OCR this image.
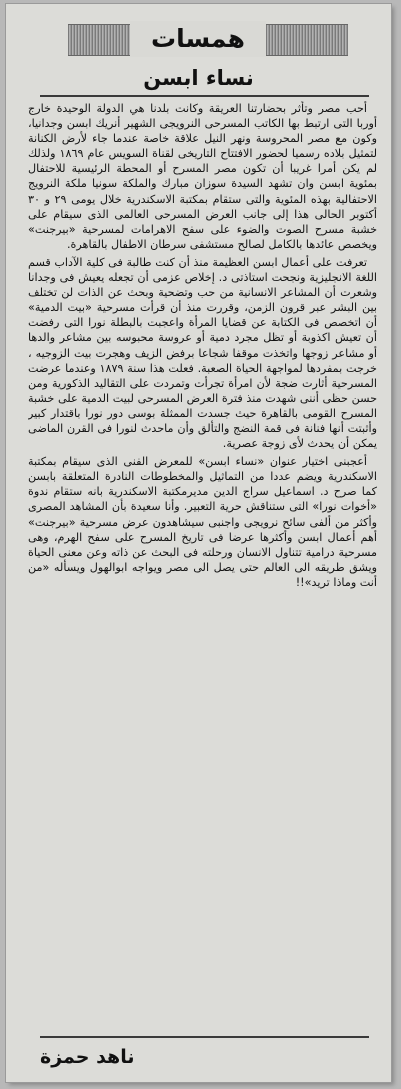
همسات
نساء ابسن

أحب مصر وتأثر بحضارتنا العريقة وكانت بلدنا هي الدولة الوحيدة خارج أوربا التى ارتبط بها الكاتب المسرحى النرويجى الشهير أنريك ابسن وجدانيا، وكون مع مصر المحروسة ونهر النيل علاقة خاصة عندما جاء لأرض الكنانة لتمثيل بلاده رسميا لحضور الافتتاح التاريخى لقناة السويس عام ١٨٦٩ ولذلك لم يكن أمرا غريبا أن تكون مصر المسرح أو المحطة الرئيسية للاحتفال بمئوية ابسن وان تشهد السيدة سوزان مبارك والملكة سونيا ملكة النرويج الاحتفالية بهذه المئوية والتى ستقام بمكتبة الاسكندرية خلال يومى ٢٩ و ٣٠ أكتوبر الحالى هذا إلى جانب العرض المسرحى العالمى الذى سيقام على خشبة مسرح الصوت والضوء على سفح الاهرامات لمسرحية «بيرجنت» ويخصص عائدها بالكامل لصالح مستشفى سرطان الاطفال بالقاهرة.

تعرفت على أعمال ابسن العظيمة منذ أن كنت طالبة فى كلية الآداب قسم اللغة الانجليزية ونجحت استاذتى د. إخلاص عزمى أن تجعله يعيش فى وجدانا وشعرت أن المشاعر الانسانية من حب وتضحية وبحث عن الذات لن تختلف بين البشر عبر قرون الزمن، وقررت منذ أن قرأت مسرحية «بيت الدمية» أن اتخصص فى الكتابة عن قضايا المرأة واعجبت بالبطلة نورا التى رفضت أن تعيش اكذوبة أو تظل مجرد دمية أو عروسة محبوسه بين مشاعر والدها أو مشاعر زوجها واتخذت موقفا شجاعا برفض الزيف وهجرت بيت الزوجيه ، خرجت بمفردها لمواجهة الحياة الصعبة. فعلت هذا سنة ١٨٧٩ وعندما عرضت المسرحية أثارت ضجة لأن امرأة تجرأت وتمردت على التقاليد الذكورية ومن حسن حظى أننى شهدت منذ فترة العرض المسرحى لبيت الدمية على خشبة المسرح القومى بالقاهرة حيث جسدت الممثلة بوسى دور نورا باقتدار كبير وأثبتت أنها فنانة فى قمة النضج والتألق وأن ماحدث لنورا فى القرن الماضى يمكن أن يحدث لأى زوجة عصرية.

أعجبنى اختيار عنوان «نساء ابسن» للمعرض الفنى الذى سيقام بمكتبة الاسكندرية ويضم عددا من التماثيل والمخطوطات النادرة المتعلقة بابسن كما صرح د. اسماعيل سراج الدين مديرمكتبة الاسكندرية بانه ستقام ندوة «أخوات نورا» التى ستناقش حرية التعبير. وأنا سعيدة بأن المشاهد المصرى وأكثر من ألفى سائح نرويجى واجنبى سيشاهدون عرض مسرحية «بيرجنت» أهم أعمال ابسن وأكثرها عرضا فى تاريخ المسرح على سفح الهرم، وهى مسرحية درامية تتناول الانسان ورحلته فى البحث عن ذاته وعن معنى الحياة ويشق طريقه الى العالم حتى يصل الى مصر ويواجه ابوالهول ويسأله «من أنت وماذا تريد»!!

ناهد حمزة
